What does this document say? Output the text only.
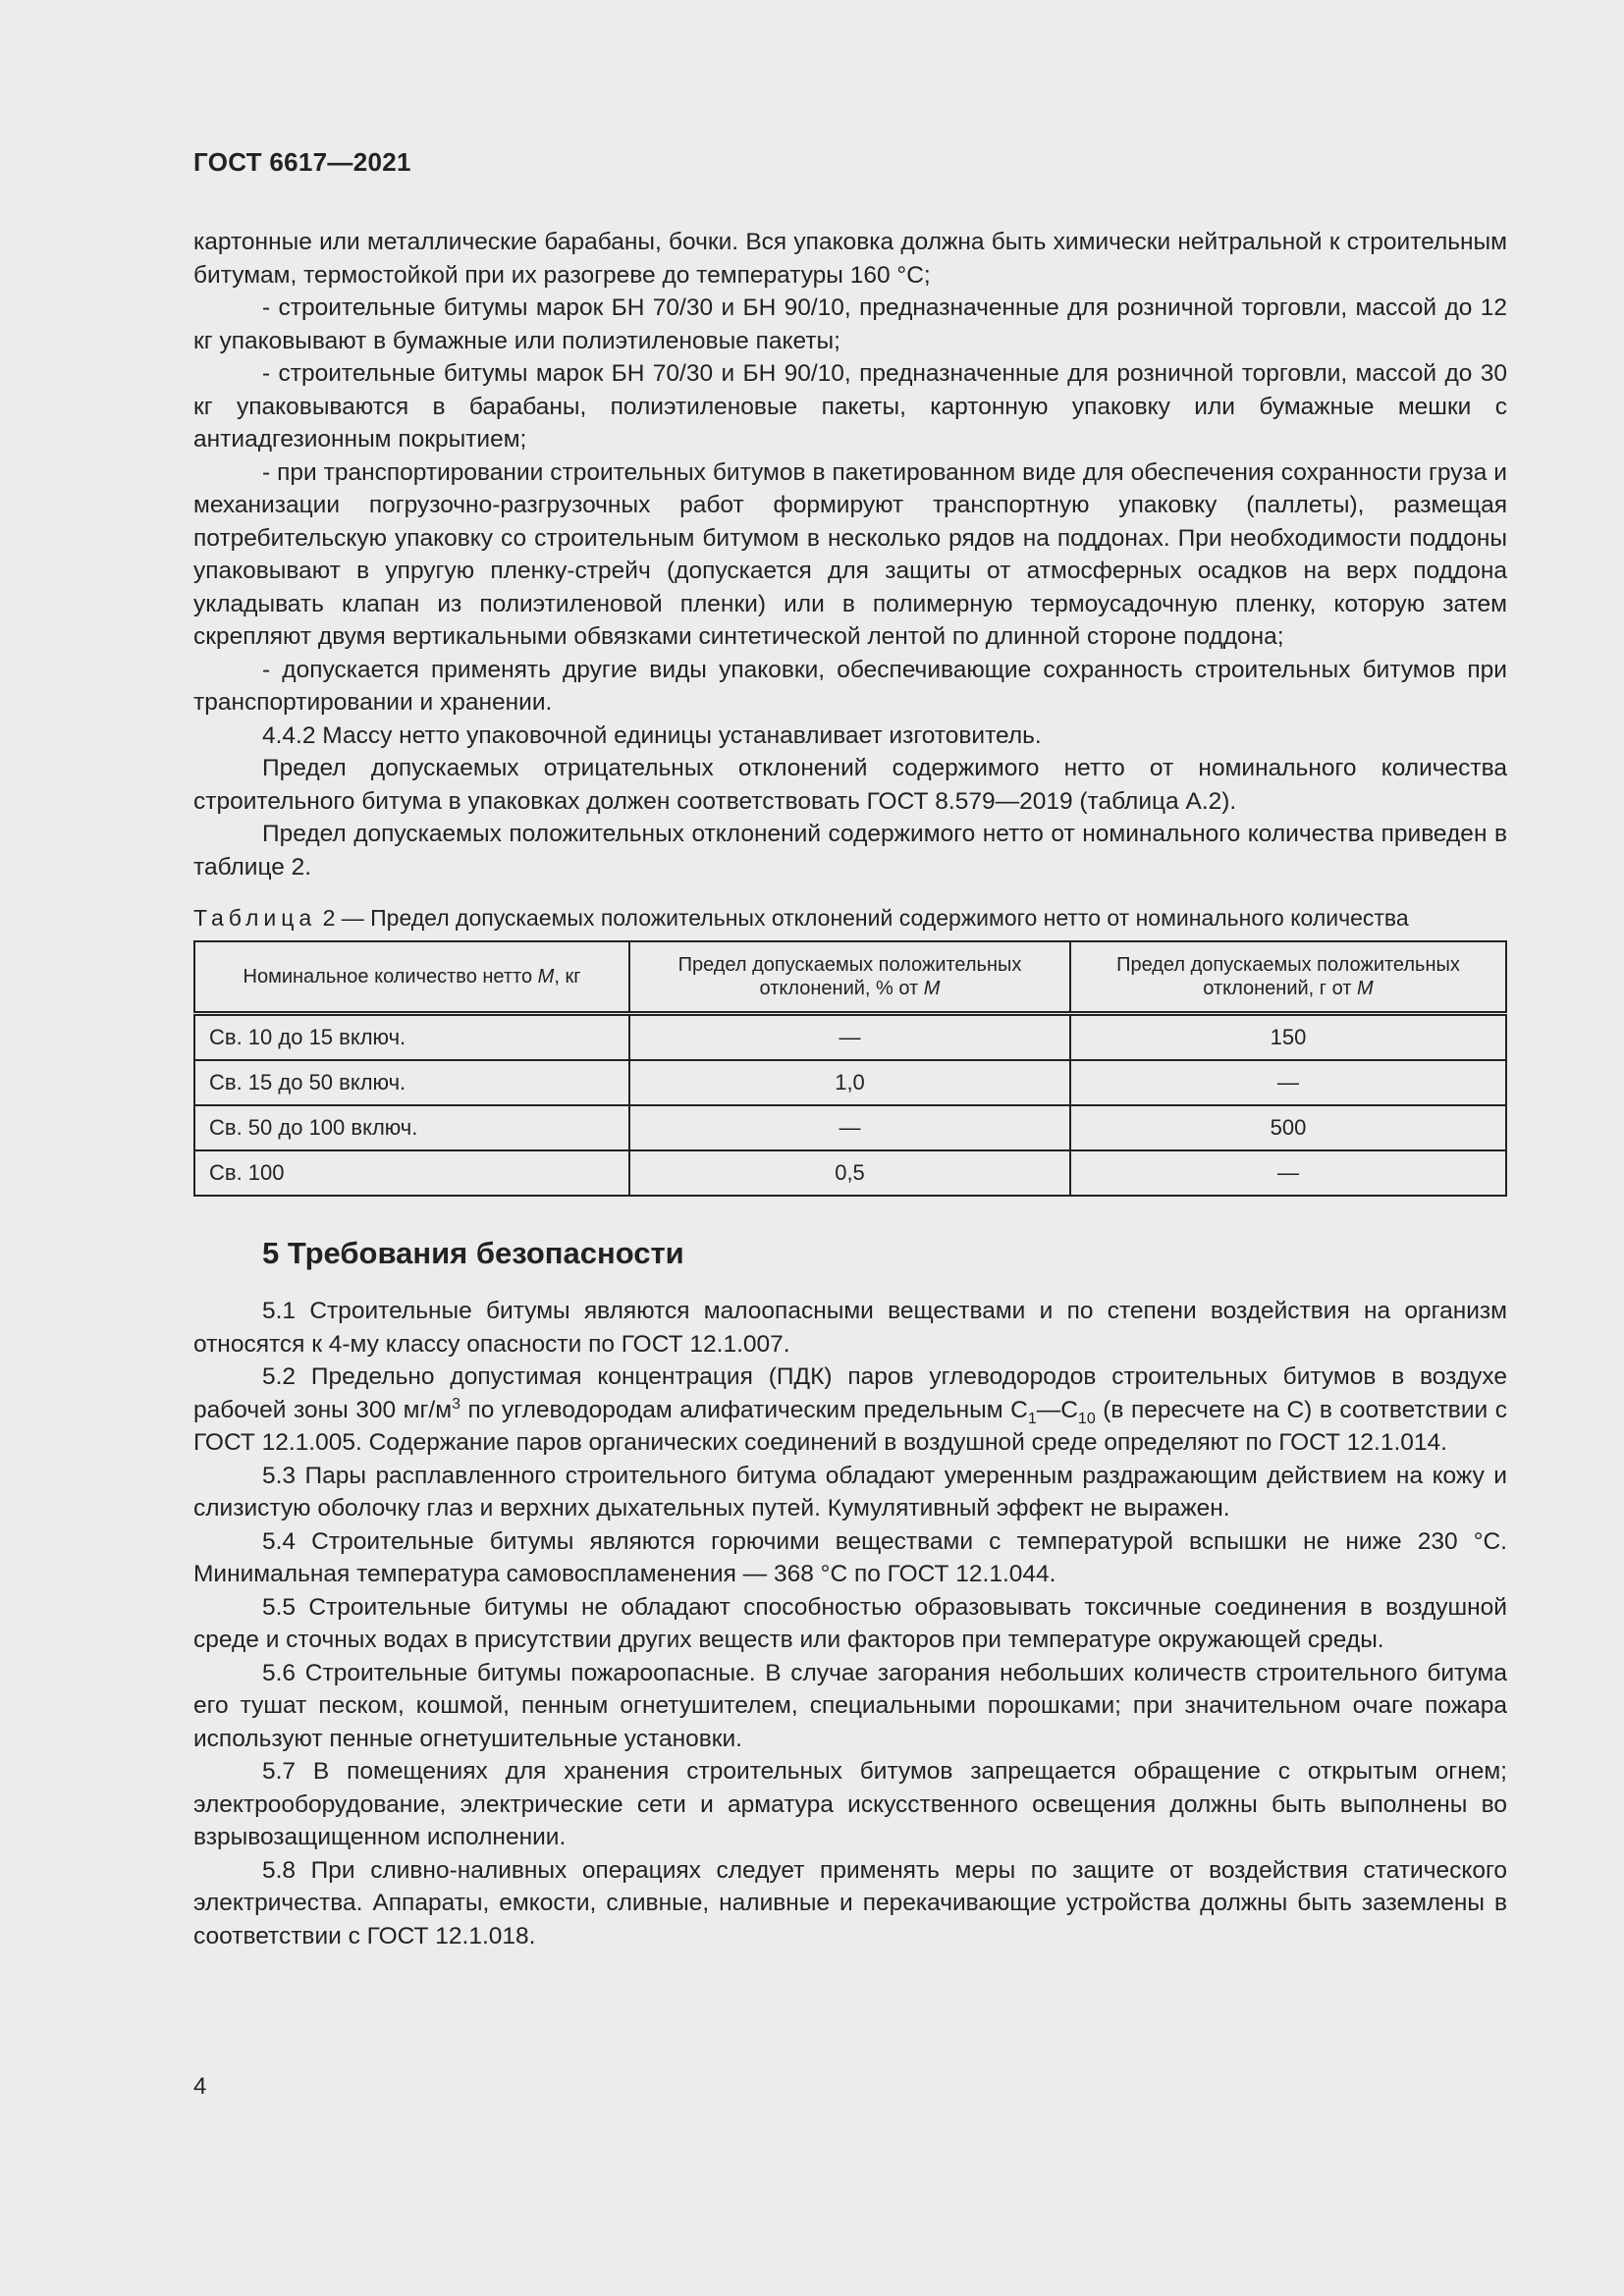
ГОСТ 6617—2021

картонные или металлические барабаны, бочки. Вся упаковка должна быть химически нейтральной к строительным битумам, термостойкой при их разогреве до температуры 160 °С;

- строительные битумы марок БН 70/30 и БН 90/10, предназначенные для розничной торговли, массой до 12 кг упаковывают в бумажные или полиэтиленовые пакеты;

- строительные битумы марок БН 70/30 и БН 90/10, предназначенные для розничной торговли, массой до 30 кг упаковываются в барабаны, полиэтиленовые пакеты, картонную упаковку или бумажные мешки с антиадгезионным покрытием;

- при транспортировании строительных битумов в пакетированном виде для обеспечения сохранности груза и механизации погрузочно-разгрузочных работ формируют транспортную упаковку (паллеты), размещая потребительскую упаковку со строительным битумом в несколько рядов на поддонах. При необходимости поддоны упаковывают в упругую пленку-стрейч (допускается для защиты от атмосферных осадков на верх поддона укладывать клапан из полиэтиленовой пленки) или в полимерную термоусадочную пленку, которую затем скрепляют двумя вертикальными обвязками синтетической лентой по длинной стороне поддона;

- допускается применять другие виды упаковки, обеспечивающие сохранность строительных битумов при транспортировании и хранении.

4.4.2 Массу нетто упаковочной единицы устанавливает изготовитель.

Предел допускаемых отрицательных отклонений содержимого нетто от номинального количества строительного битума в упаковках должен соответствовать ГОСТ 8.579—2019 (таблица А.2).

Предел допускаемых положительных отклонений содержимого нетто от номинального количества приведен в таблице 2.

Таблица 2 — Предел допускаемых положительных отклонений содержимого нетто от номинального количества
Номинальное количество нетто М, кг	Предел допускаемых положительных отклонений, % от М	Предел допускаемых положительных отклонений, г от М
Св. 10 до 15 включ.	—	150
Св. 15 до 50 включ.	1,0	—
Св. 50 до 100 включ.	—	500
Св. 100	0,5	—
5 Требования безопасности

5.1 Строительные битумы являются малоопасными веществами и по степени воздействия на организм относятся к 4-му классу опасности по ГОСТ 12.1.007.

5.2 Предельно допустимая концентрация (ПДК) паров углеводородов строительных битумов в воздухе рабочей зоны 300 $мг/м^3$ по углеводородам алифатическим предельным $С_1—С_{10}$ (в пересчете на С) в соответствии с ГОСТ 12.1.005. Содержание паров органических соединений в воздушной среде определяют по ГОСТ 12.1.014.

5.3 Пары расплавленного строительного битума обладают умеренным раздражающим действием на кожу и слизистую оболочку глаз и верхних дыхательных путей. Кумулятивный эффект не выражен.

5.4 Строительные битумы являются горючими веществами с температурой вспышки не ниже 230 °С. Минимальная температура самовоспламенения — 368 °С по ГОСТ 12.1.044.

5.5 Строительные битумы не обладают способностью образовывать токсичные соединения в воздушной среде и сточных водах в присутствии других веществ или факторов при температуре окружающей среды.

5.6 Строительные битумы пожароопасные. В случае загорания небольших количеств строительного битума его тушат песком, кошмой, пенным огнетушителем, специальными порошками; при значительном очаге пожара используют пенные огнетушительные установки.

5.7 В помещениях для хранения строительных битумов запрещается обращение с открытым огнем; электрооборудование, электрические сети и арматура искусственного освещения должны быть выполнены во взрывозащищенном исполнении.

5.8 При сливно-наливных операциях следует применять меры по защите от воздействия статического электричества. Аппараты, емкости, сливные, наливные и перекачивающие устройства должны быть заземлены в соответствии с ГОСТ 12.1.018.

4
